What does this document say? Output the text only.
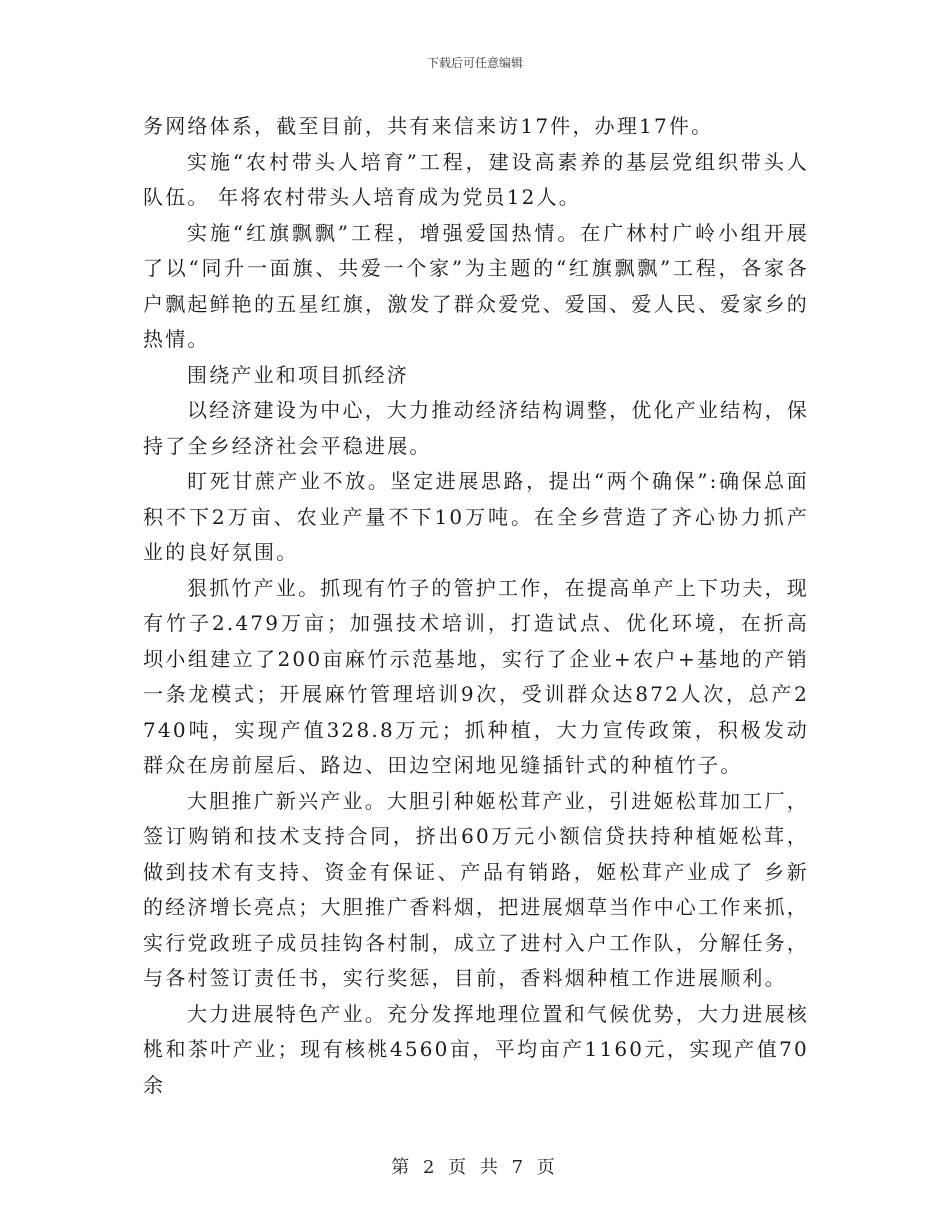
下载后可任意编辑

务网络体系，截至目前，共有来信来访17件，办理17件。

实施“农村带头人培育”工程，建设高素养的基层党组织带头人队伍。 年将农村带头人培育成为党员12人。

实施“红旗飘飘”工程，增强爱国热情。在广林村广岭小组开展了以“同升一面旗、共爱一个家”为主题的“红旗飘飘”工程，各家各户飘起鲜艳的五星红旗，激发了群众爱党、爱国、爱人民、爱家乡的热情。

围绕产业和项目抓经济

以经济建设为中心，大力推动经济结构调整，优化产业结构，保持了全乡经济社会平稳进展。

盯死甘蔗产业不放。坚定进展思路，提出“两个确保”:确保总面积不下2万亩、农业产量不下10万吨。在全乡营造了齐心协力抓产业的良好氛围。

狠抓竹产业。抓现有竹子的管护工作，在提高单产上下功夫，现有竹子2.479万亩；加强技术培训，打造试点、优化环境，在折高坝小组建立了200亩麻竹示范基地，实行了企业+农户+基地的产销一条龙模式；开展麻竹管理培训9次，受训群众达872人次，总产2740吨，实现产值328.8万元；抓种植，大力宣传政策，积极发动群众在房前屋后、路边、田边空闲地见缝插针式的种植竹子。

大胆推广新兴产业。大胆引种姬松茸产业，引进姬松茸加工厂，签订购销和技术支持合同，挤出60万元小额信贷扶持种植姬松茸，做到技术有支持、资金有保证、产品有销路，姬松茸产业成了 乡新的经济增长亮点；大胆推广香料烟，把进展烟草当作中心工作来抓，实行党政班子成员挂钩各村制，成立了进村入户工作队，分解任务，与各村签订责任书，实行奖惩，目前，香料烟种植工作进展顺利。

大力进展特色产业。充分发挥地理位置和气候优势，大力进展核桃和茶叶产业；现有核桃4560亩，平均亩产1160元，实现产值70余

第 2 页 共 7 页
